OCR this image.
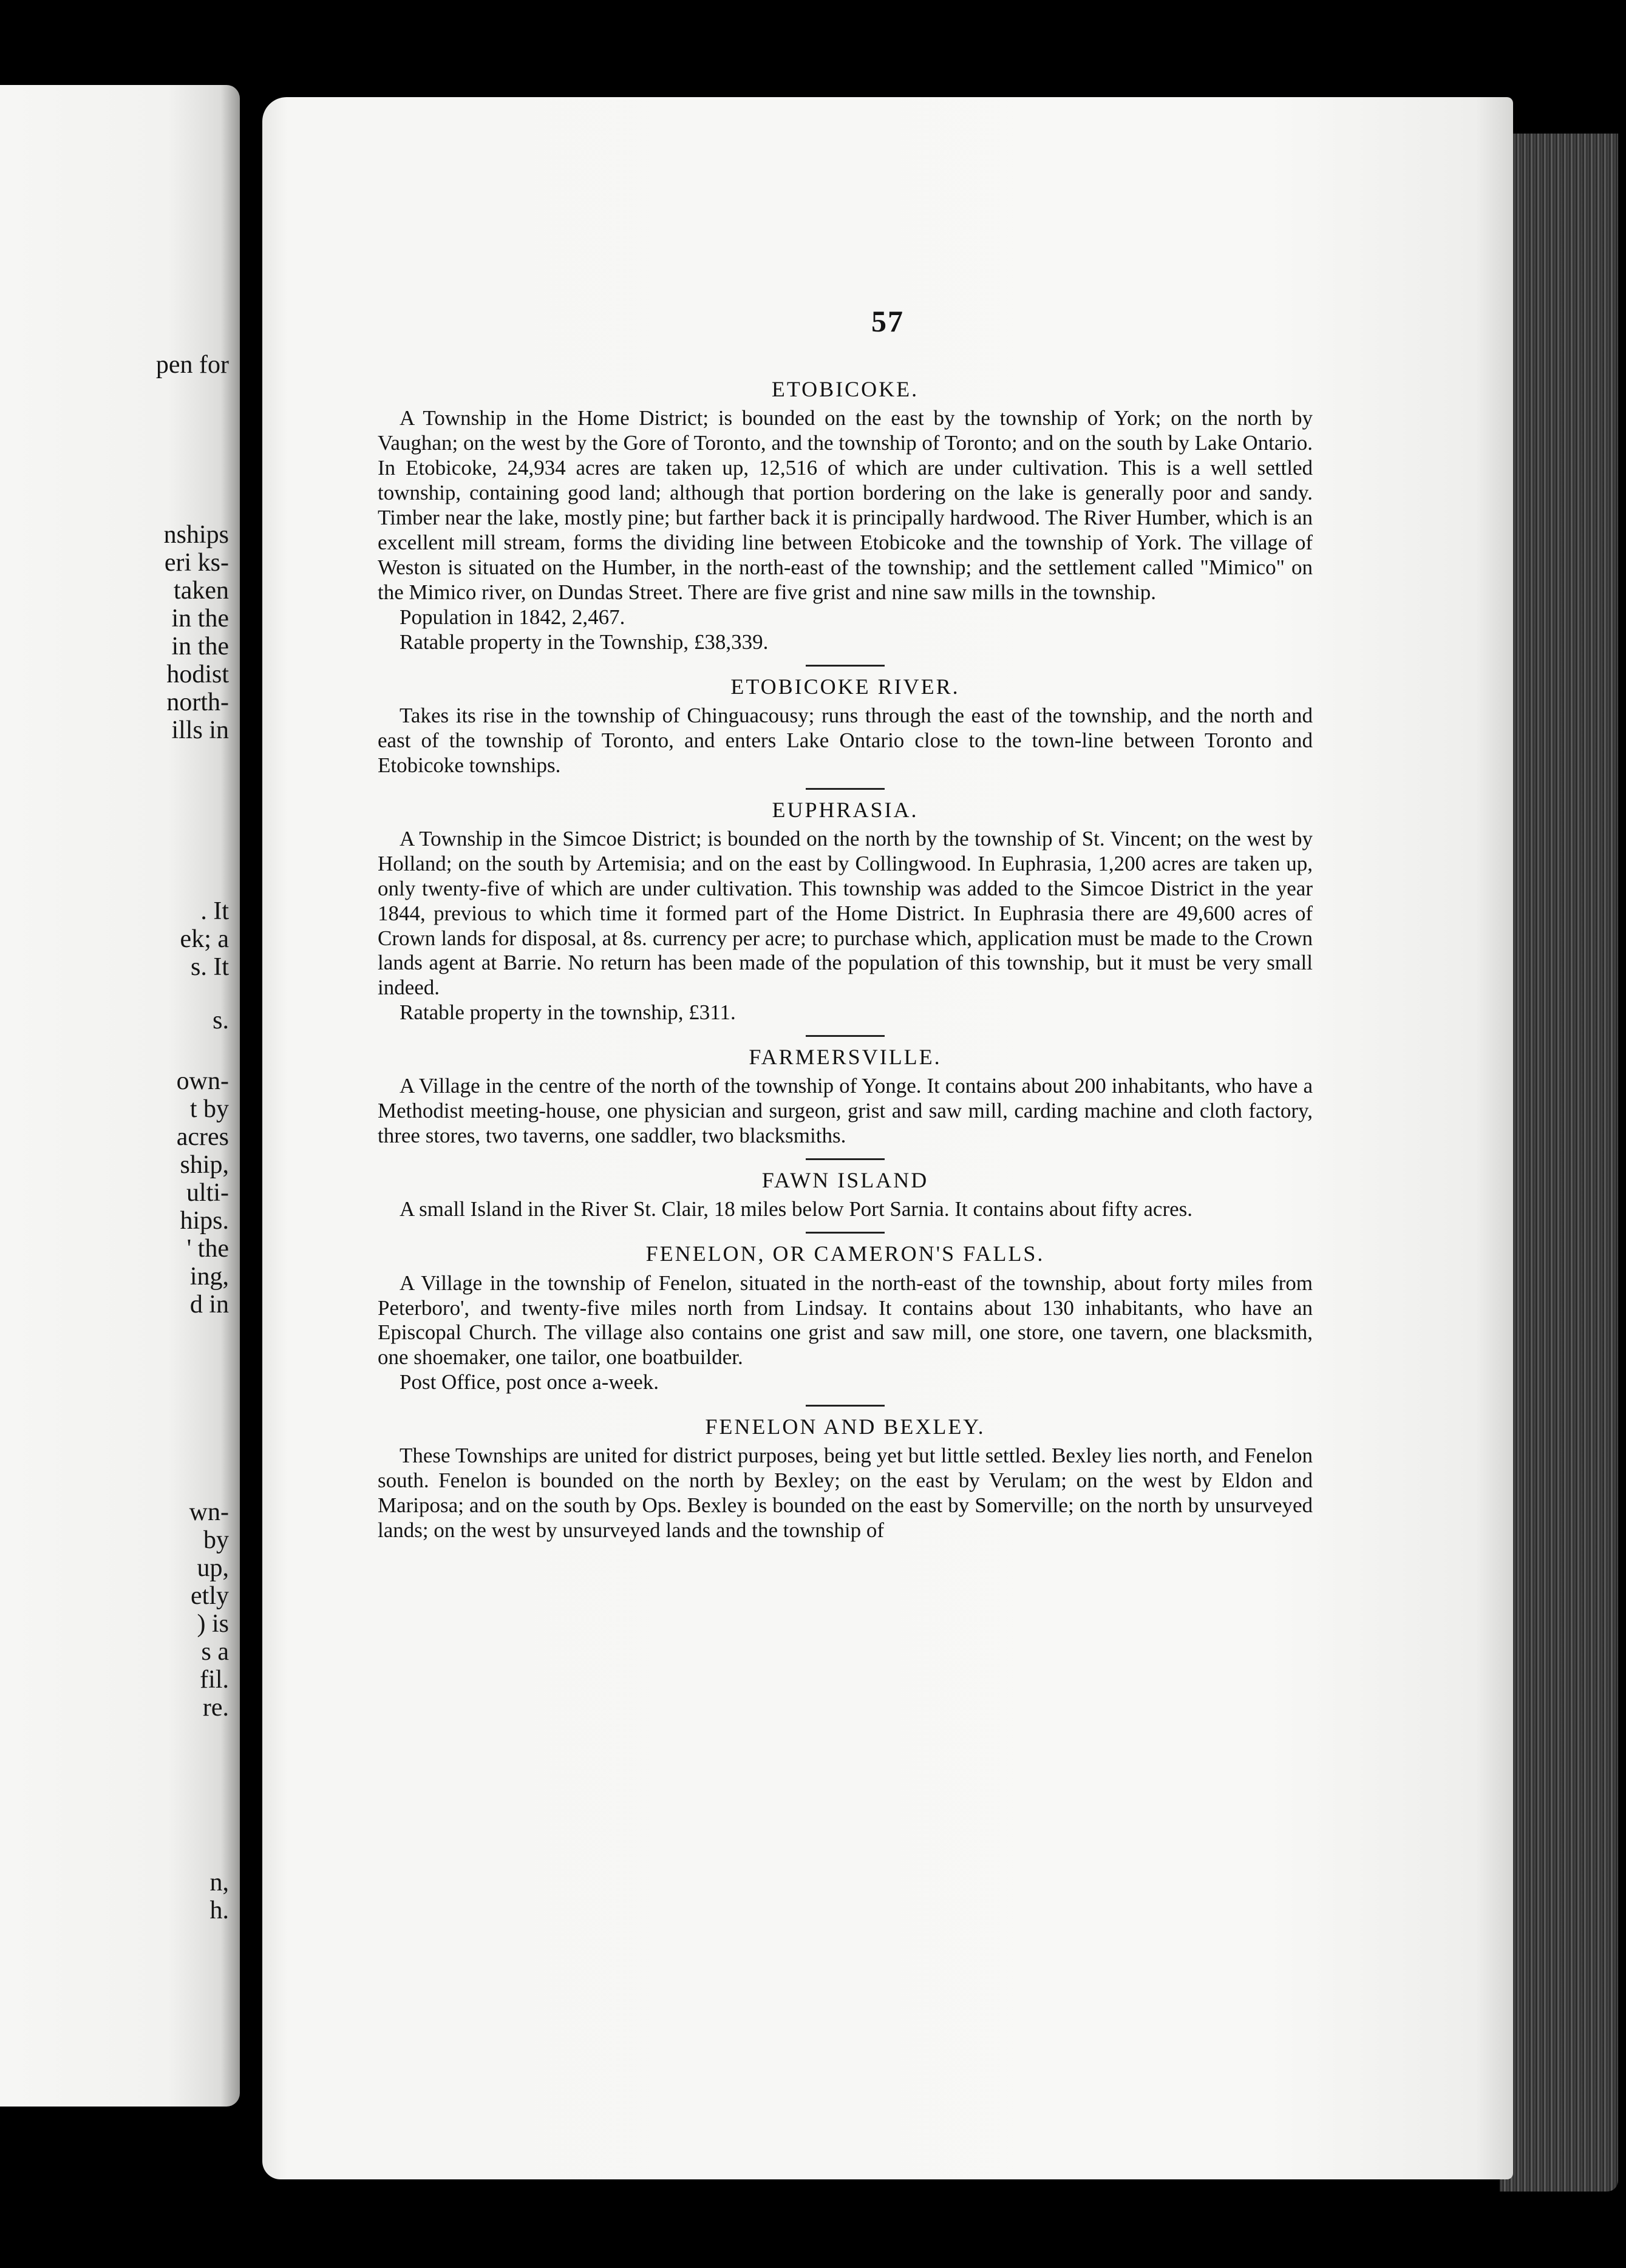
pen for
nships
eri ks-
taken
in the
in the
hodist
north-
ills in
. It
ek; a
s. It
s.
own-
t by
acres
ship,
ulti-
hips.
' the
ing,
d in
wn-
by
up,
etly
) is
s a
fil.
re.
n,
h.
57
ETOBICOKE.

A Township in the Home District; is bounded on the east by the township of York; on the north by Vaughan; on the west by the Gore of Toronto, and the township of Toronto; and on the south by Lake Ontario. In Etobicoke, 24,934 acres are taken up, 12,516 of which are under cultivation. This is a well settled township, containing good land; although that portion bordering on the lake is generally poor and sandy. Timber near the lake, mostly pine; but farther back it is principally hardwood. The River Humber, which is an excellent mill stream, forms the dividing line between Etobicoke and the township of York. The village of Weston is situated on the Humber, in the north-east of the township; and the settlement called "Mimico" on the Mimico river, on Dundas Street. There are five grist and nine saw mills in the township.

Population in 1842, 2,467.

Ratable property in the Township, £38,339.

ETOBICOKE RIVER.

Takes its rise in the township of Chinguacousy; runs through the east of the township, and the north and east of the township of Toronto, and enters Lake Ontario close to the town-line between Toronto and Etobicoke townships.

EUPHRASIA.

A Township in the Simcoe District; is bounded on the north by the township of St. Vincent; on the west by Holland; on the south by Artemisia; and on the east by Collingwood. In Euphrasia, 1,200 acres are taken up, only twenty-five of which are under cultivation. This township was added to the Simcoe District in the year 1844, previous to which time it formed part of the Home District. In Euphrasia there are 49,600 acres of Crown lands for disposal, at 8s. currency per acre; to purchase which, application must be made to the Crown lands agent at Barrie. No return has been made of the population of this township, but it must be very small indeed.

Ratable property in the township, £311.

FARMERSVILLE.

A Village in the centre of the north of the township of Yonge. It contains about 200 inhabitants, who have a Methodist meeting-house, one physician and surgeon, grist and saw mill, carding machine and cloth factory, three stores, two taverns, one saddler, two blacksmiths.

FAWN ISLAND

A small Island in the River St. Clair, 18 miles below Port Sarnia. It contains about fifty acres.

FENELON, OR CAMERON'S FALLS.

A Village in the township of Fenelon, situated in the north-east of the township, about forty miles from Peterboro', and twenty-five miles north from Lindsay. It contains about 130 inhabitants, who have an Episcopal Church. The village also contains one grist and saw mill, one store, one tavern, one blacksmith, one shoemaker, one tailor, one boatbuilder.

Post Office, post once a-week.

FENELON AND BEXLEY.

These Townships are united for district purposes, being yet but little settled. Bexley lies north, and Fenelon south. Fenelon is bounded on the north by Bexley; on the east by Verulam; on the west by Eldon and Mariposa; and on the south by Ops. Bexley is bounded on the east by Somerville; on the north by unsurveyed lands; on the west by unsurveyed lands and the township of
